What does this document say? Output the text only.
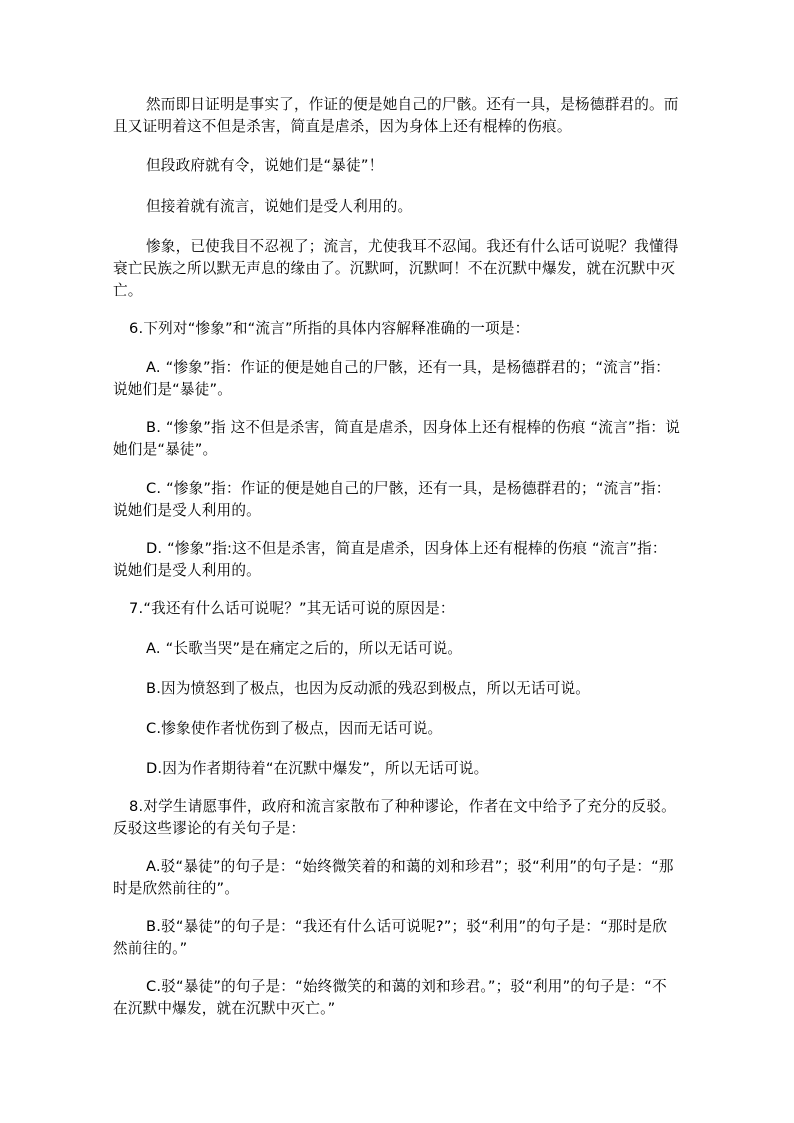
然而即日证明是事实了，作证的便是她自己的尸骸。还有一具，是杨德群君的。而且又证明着这不但是杀害，简直是虐杀，因为身体上还有棍棒的伤痕。

但段政府就有令，说她们是“暴徒”！

但接着就有流言，说她们是受人利用的。

惨象，已使我目不忍视了；流言，尤使我耳不忍闻。我还有什么话可说呢？我懂得衰亡民族之所以默无声息的缘由了。沉默呵，沉默呵！不在沉默中爆发，就在沉默中灭亡。

6.下列对“惨象”和“流言”所指的具体内容解释准确的一项是：

A. “惨象”指：作证的便是她自己的尸骸，还有一具，是杨德群君的；“流言”指：说她们是“暴徒”。

B. “惨象”指 这不但是杀害，简直是虐杀，因身体上还有棍棒的伤痕 “流言”指：说她们是“暴徒”。

C. “惨象”指：作证的便是她自己的尸骸，还有一具，是杨德群君的；“流言”指：说她们是受人利用的。

D. “惨象”指:这不但是杀害，简直是虐杀，因身体上还有棍棒的伤痕 “流言”指：说她们是受人利用的。

7.“我还有什么话可说呢？”其无话可说的原因是：

A. “长歌当哭”是在痛定之后的，所以无话可说。

B.因为愤怒到了极点，也因为反动派的残忍到极点，所以无话可说。

C.惨象使作者忧伤到了极点，因而无话可说。

D.因为作者期待着“在沉默中爆发”，所以无话可说。

8.对学生请愿事件，政府和流言家散布了种种谬论，作者在文中给予了充分的反驳。反驳这些谬论的有关句子是：

A.驳“暴徒”的句子是：“始终微笑着的和蔼的刘和珍君”；驳“利用”的句子是：“那时是欣然前往的”。

B.驳“暴徒”的句子是：“我还有什么话可说呢?”；驳“利用”的句子是：“那时是欣然前往的。”

C.驳“暴徒”的句子是：“始终微笑的和蔼的刘和珍君。”；驳“利用”的句子是：“不在沉默中爆发，就在沉默中灭亡。”
